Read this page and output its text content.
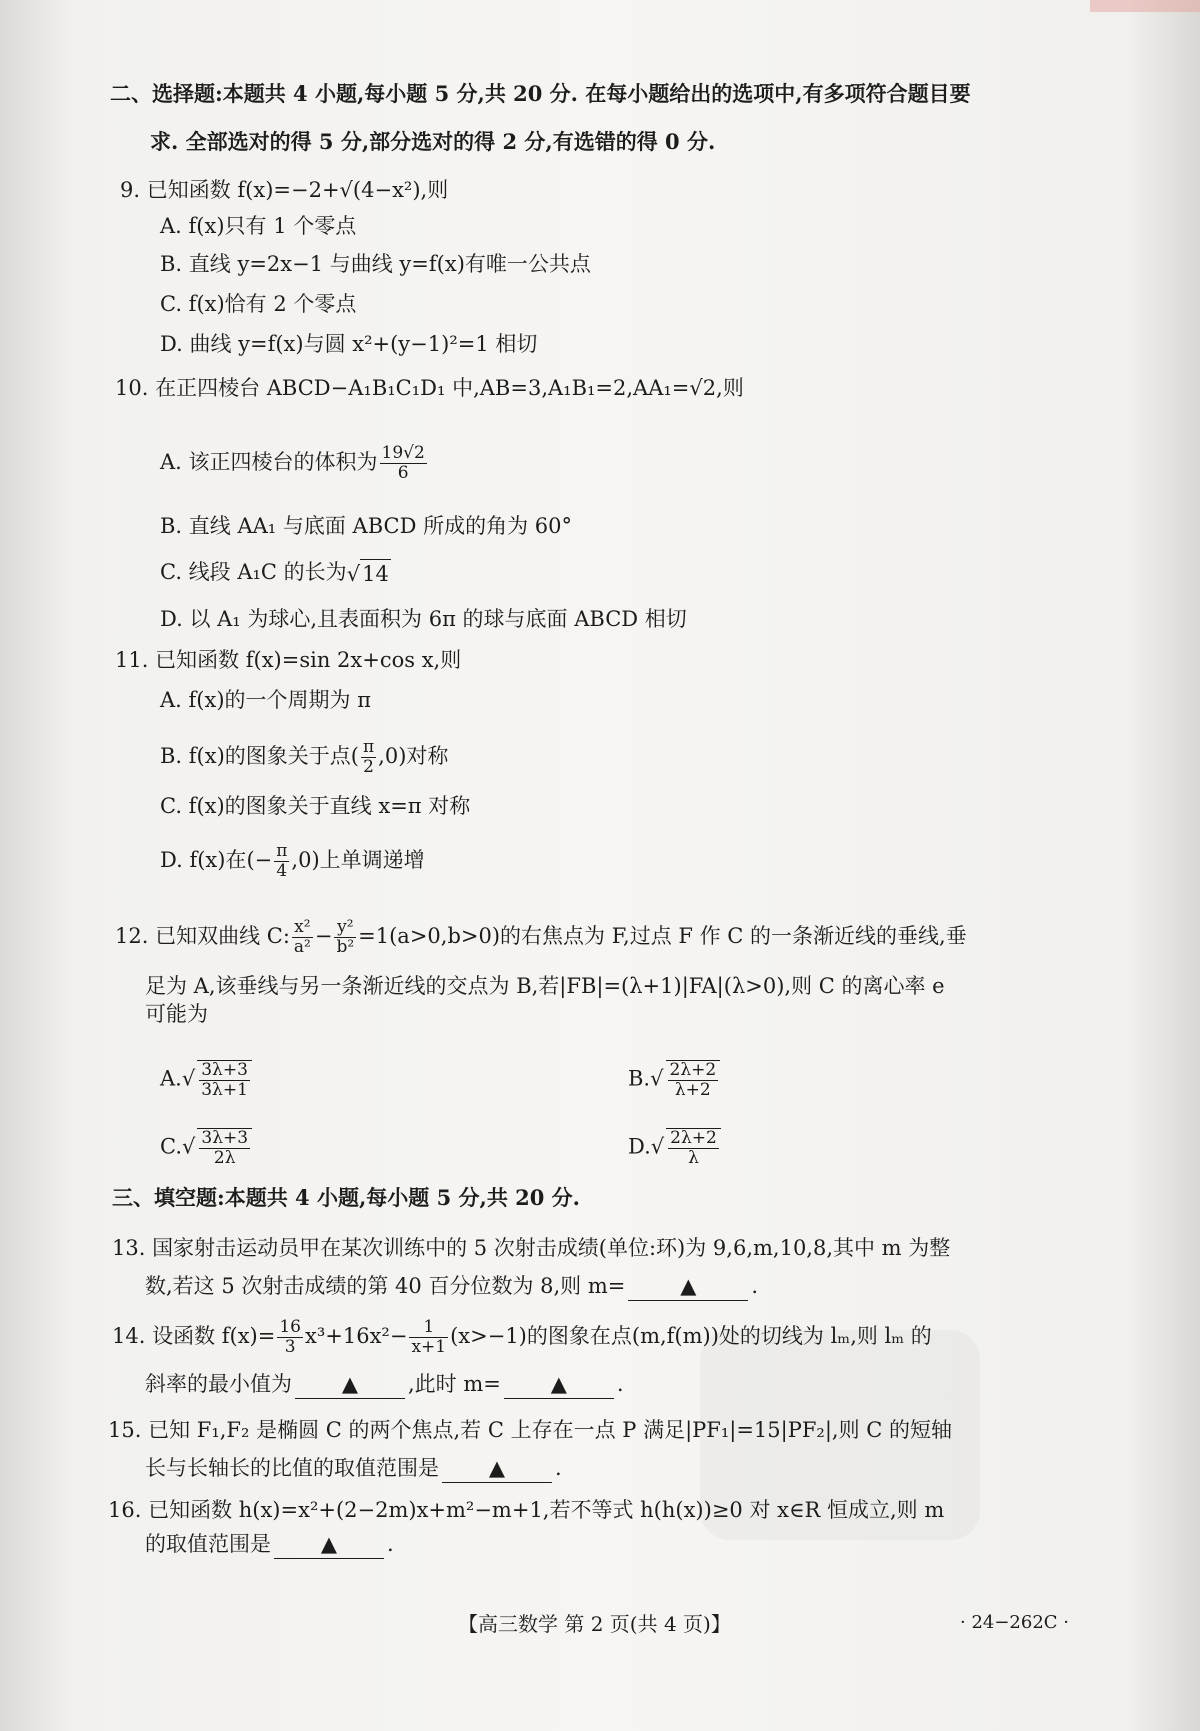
二、选择题:本题共 4 小题,每小题 5 分,共 20 分. 在每小题给出的选项中,有多项符合题目要
求. 全部选对的得 5 分,部分选对的得 2 分,有选错的得 0 分.
9. 已知函数 f(x)=−2+√(4−x²),则
A. f(x)只有 1 个零点
B. 直线 y=2x−1 与曲线 y=f(x)有唯一公共点
C. f(x)恰有 2 个零点
D. 曲线 y=f(x)与圆 x²+(y−1)²=1 相切
10. 在正四棱台 ABCD−A₁B₁C₁D₁ 中,AB=3,A₁B₁=2,AA₁=√2,则
A. 该正四棱台的体积为 $\frac{19√2}{6}$
B. 直线 AA₁ 与底面 ABCD 所成的角为 60°
C. 线段 A₁C 的长为√14
D. 以 A₁ 为球心,且表面积为 6π 的球与底面 ABCD 相切
11. 已知函数 f(x)=sin 2x+cos x,则
A. f(x)的一个周期为 π
B. f(x)的图象关于点( $\frac{\pi}{2} ,0$)对称
C. f(x)的图象关于直线 x=π 对称
D. f(x)在(− $\frac{\pi}{4} ,0$)上单调递增
12. 已知双曲线 C: $\frac{\text{x²}}{\text{a²}} - \frac{\text{y²}}{\text{b²}} =1(a>0,b>0)$的右焦点为 F,过点 F 作 C 的一条渐近线的垂线,垂
足为 A,该垂线与另一条渐近线的交点为 B,若|FB|=(λ+1)|FA|(λ>0),则 C 的离心率 e
可能为
$A.√ \frac{3\lambda+3}{3\lambda+1}$	$B.√ \frac{2\lambda+2}{\lambda+2}$
$C.√ \frac{3\lambda+3}{2\lambda}$	$D.√ \frac{2\lambda+2}{\lambda}$
三、填空题:本题共 4 小题,每小题 5 分,共 20 分.
13. 国家射击运动员甲在某次训练中的 5 次射击成绩(单位:环)为 9,6,m,10,8,其中 m 为整
数,若这 5 次射击成绩的第 40 百分位数为 8,则 m=	▲	.
14. 设函数 $f(x)= \frac{16}{3} x^3+16x^2- \frac{1}{x+1} (x>-1)$的图象在点(m,f(m))处的切线为 lₘ,则 lₘ 的
斜率的最小值为 ▲ ,此时 m= ▲ .
15. 已知 F₁,F₂ 是椭圆 C 的两个焦点,若 C 上存在一点 P 满足|PF₁|=15|PF₂|,则 C 的短轴
长与长轴长的比值的取值范围是 ▲ .
16. 已知函数 h(x)=x²+(2−2m)x+m²−m+1,若不等式 h(h(x))≥0 对 x∈R 恒成立,则 m
的取值范围是 ▲ .
【高三数学 第 2 页(共 4 页)】	· 24−262C ·
